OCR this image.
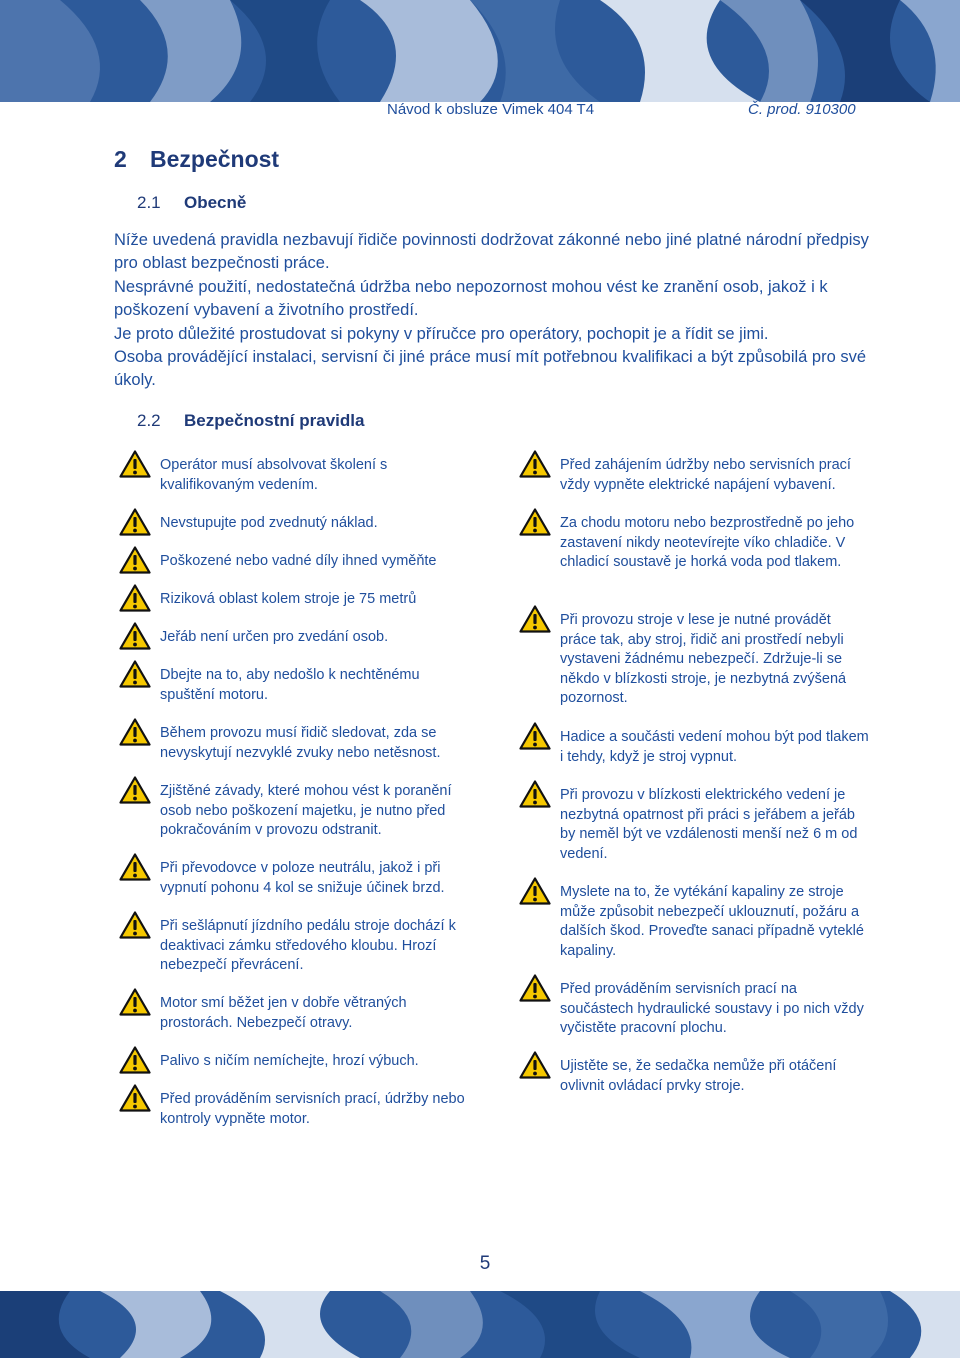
Návod k obsluze Vimek 404 T4	Č. prod. 910300
2 Bezpečnost
2.1 Obecně

Níže uvedená pravidla nezbavují řidiče povinnosti dodržovat zákonné nebo jiné platné národní předpisy pro oblast bezpečnosti práce.

Nesprávné použití, nedostatečná údržba nebo nepozornost mohou vést ke zranění osob, jakož i k poškození vybavení a životního prostředí.

Je proto důležité prostudovat si pokyny v příručce pro operátory, pochopit je a řídit se jimi.

Osoba provádějící instalaci, servisní či jiné práce musí mít potřebnou kvalifikaci a být způsobilá pro své úkoly.

2.2 Bezpečnostní pravidla
Operátor musí absolvovat školení s kvalifikovaným vedením.
Nevstupujte pod zvednutý náklad.
Poškozené nebo vadné díly ihned vyměňte
Riziková oblast kolem stroje je 75 metrů
Jeřáb není určen pro zvedání osob.
Dbejte na to, aby nedošlo k nechtěnému spuštění motoru.
Během provozu musí řidič sledovat, zda se nevyskytují nezvyklé zvuky nebo netěsnost.
Zjištěné závady, které mohou vést k poranění osob nebo poškození majetku, je nutno před pokračováním v provozu odstranit.
Při převodovce v poloze neutrálu, jakož i při vypnutí pohonu 4 kol se snižuje účinek brzd.
Při sešlápnutí jízdního pedálu stroje dochází k deaktivaci zámku středového kloubu. Hrozí nebezpečí převrácení.
Motor smí běžet jen v dobře větraných prostorách. Nebezpečí otravy.
Palivo s ničím nemíchejte, hrozí výbuch.
Před prováděním servisních prací, údržby nebo kontroly vypněte motor.
Před zahájením údržby nebo servisních prací vždy vypněte elektrické napájení vybavení.
Za chodu motoru nebo bezprostředně po jeho zastavení nikdy neotevírejte víko chladiče. V chladicí soustavě je horká voda pod tlakem.
Při provozu stroje v lese je nutné provádět práce tak, aby stroj, řidič ani prostředí nebyli vystaveni žádnému nebezpečí. Zdržuje-li se někdo v blízkosti stroje, je nezbytná zvýšená pozornost.
Hadice a součásti vedení mohou být pod tlakem i tehdy, když je stroj vypnut.
Při provozu v blízkosti elektrického vedení je nezbytná opatrnost při práci s jeřábem a jeřáb by neměl být ve vzdálenosti menší než 6 m od vedení.
Myslete na to, že vytékání kapaliny ze stroje může způsobit nebezpečí uklouznutí, požáru a dalších škod. Proveďte sanaci případně vyteklé kapaliny.
Před prováděním servisních prací na součástech hydraulické soustavy i po nich vždy vyčistěte pracovní plochu.
Ujistěte se, že sedačka nemůže při otáčení ovlivnit ovládací prvky stroje.
5
